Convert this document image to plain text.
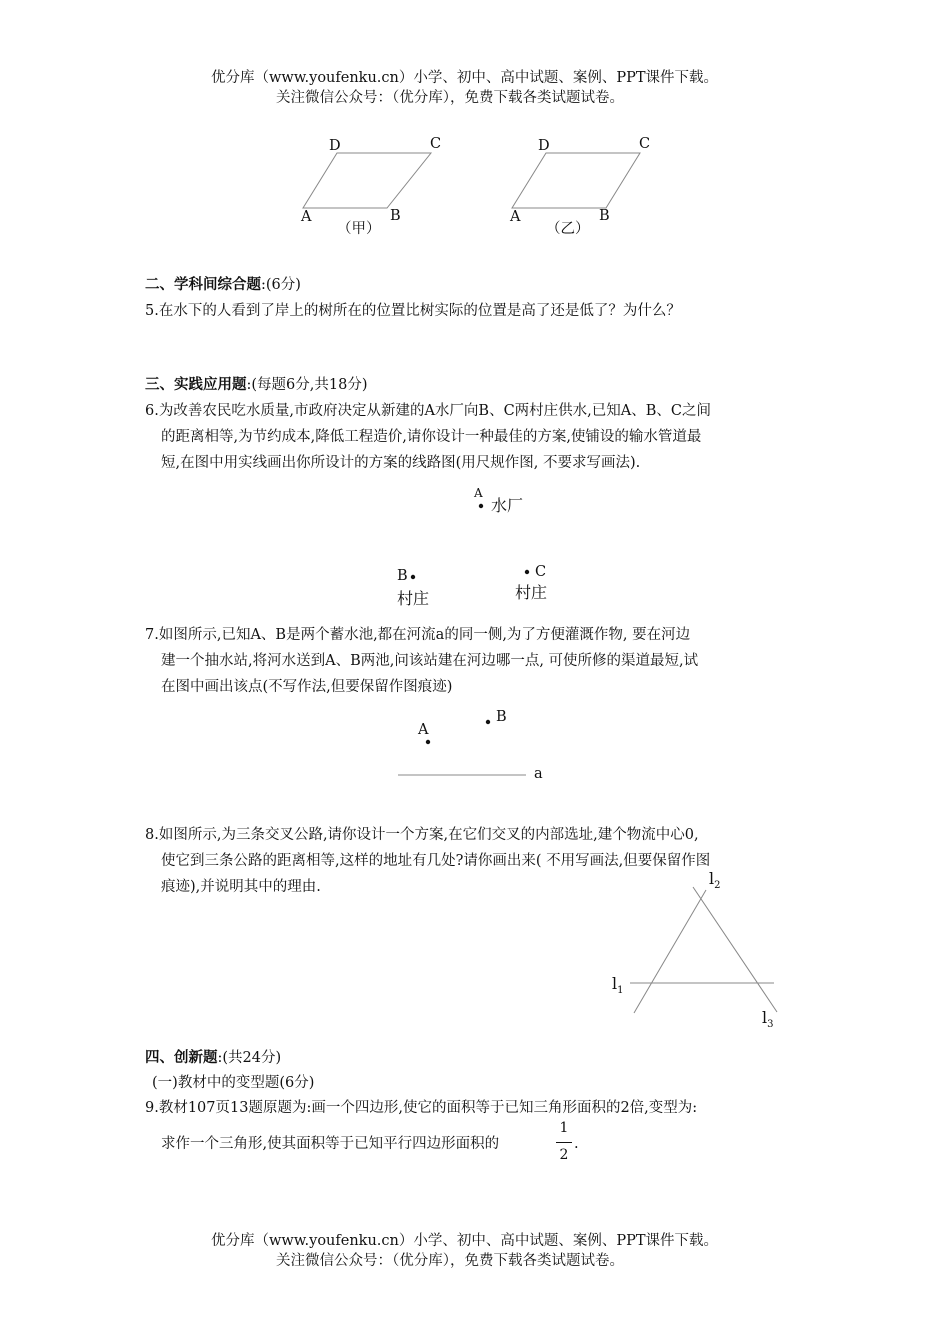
优分库（www.youfenku.cn）小学、初中、高中试题、案例、PPT课件下载。
关注微信公众号：（优分库），免费下载各类试题试卷。
D	C
A	B
（甲）
D	C
A	B
（乙）
二、学科间综合题:(6分)
5.在水下的人看到了岸上的树所在的位置比树实际的位置是高了还是低了？为什么？
三、实践应用题:(每题6分,共18分)
6.为改善农民吃水质量,市政府决定从新建的A水厂向B、C两村庄供水,已知A、B、C之间
的距离相等,为节约成本,降低工程造价,请你设计一种最佳的方案,使铺设的输水管道最
短,在图中用实线画出你所设计的方案的线路图(用尺规作图, 不要求写画法).
A
水厂
B
村庄
C
村庄
7.如图所示,已知A、B是两个蓄水池,都在河流a的同一侧,为了方便灌溉作物, 要在河边
建一个抽水站,将河水送到A、B两池,问该站建在河边哪一点, 可使所修的渠道最短,试
在图中画出该点(不写作法,但要保留作图痕迹)
A
B
a
8.如图所示,为三条交叉公路,请你设计一个方案,在它们交叉的内部选址,建个物流中心0,
使它到三条公路的距离相等,这样的地址有几处?请你画出来( 不用写画法,但要保留作图
痕迹),并说明其中的理由.	$l_2$
$l_1$
$l_3$
四、创新题:(共24分)
(一)教材中的变型题(6分)
9.教材107页13题原题为:画一个四边形,使它的面积等于已知三角形面积的2倍,变型为:
求作一个三角形,使其面积等于已知平行四边形面积的
1
2
.
优分库（www.youfenku.cn）小学、初中、高中试题、案例、PPT课件下载。
关注微信公众号：（优分库），免费下载各类试题试卷。
